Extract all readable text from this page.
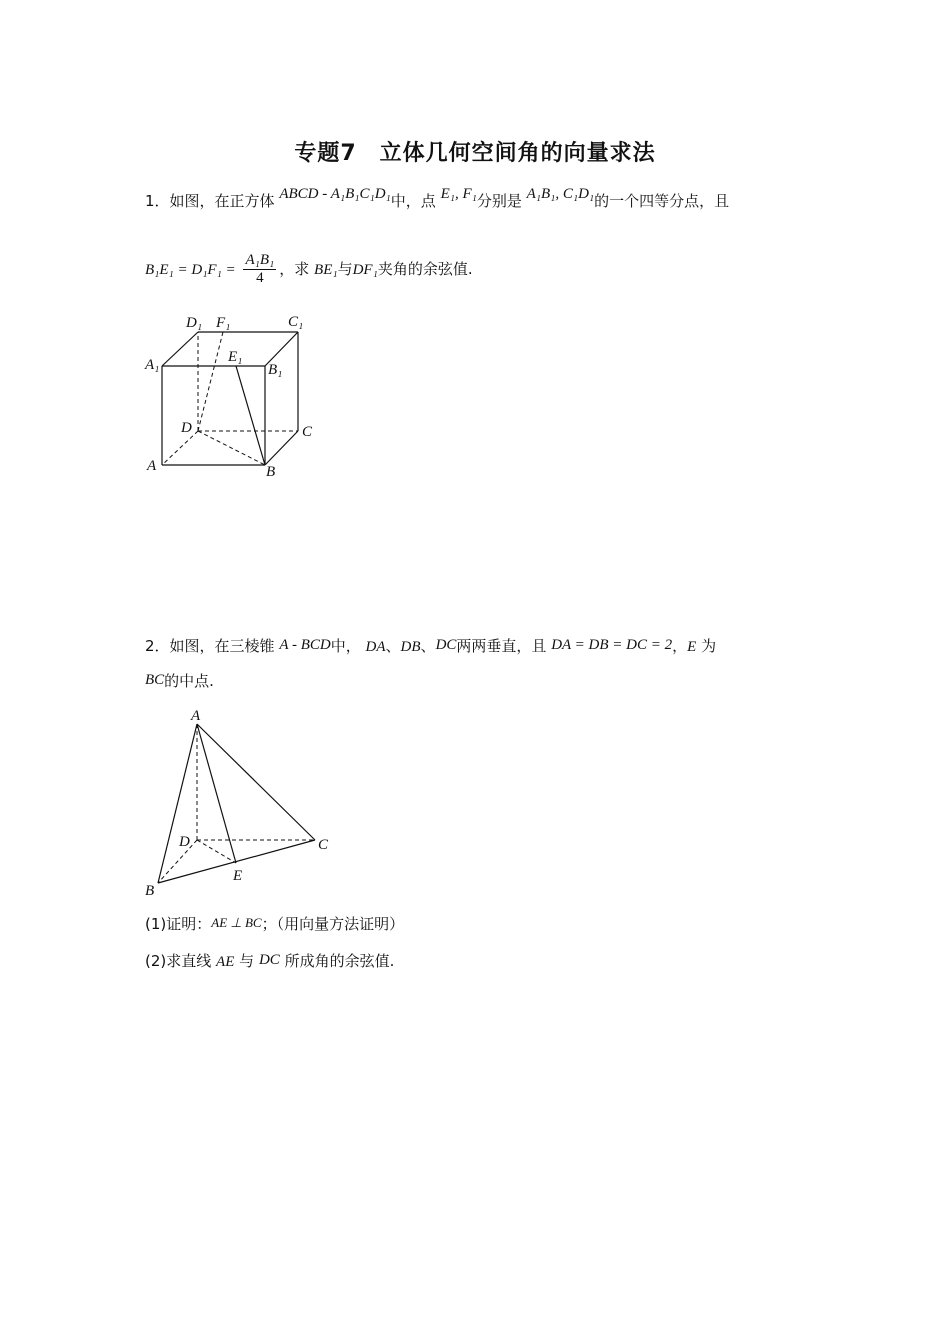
专题7　立体几何空间角的向量求法
1．如图，在正方体 ABCD - A₁B₁C₁D₁中，点 E₁, F₁分别是 A₁B₁, C₁D₁的一个四等分点，且
$B_1E_1 = D_1F_1 = \frac{\text{A₁B₁}}{4}$ ，求 BE₁与DF₁夹角的余弦值.
D₁ F₁	C₁
A₁	E₁
B₁
D	C
A	B
2．如图，在三棱锥 A - BCD中， DA、DB、DC两两垂直，且 DA = DB = DC = 2，E 为
BC的中点.
A
D	C
B
E
(1)证明：AE ⊥ BC；（用向量方法证明）
(2)求直线 AE 与 DC 所成角的余弦值.
